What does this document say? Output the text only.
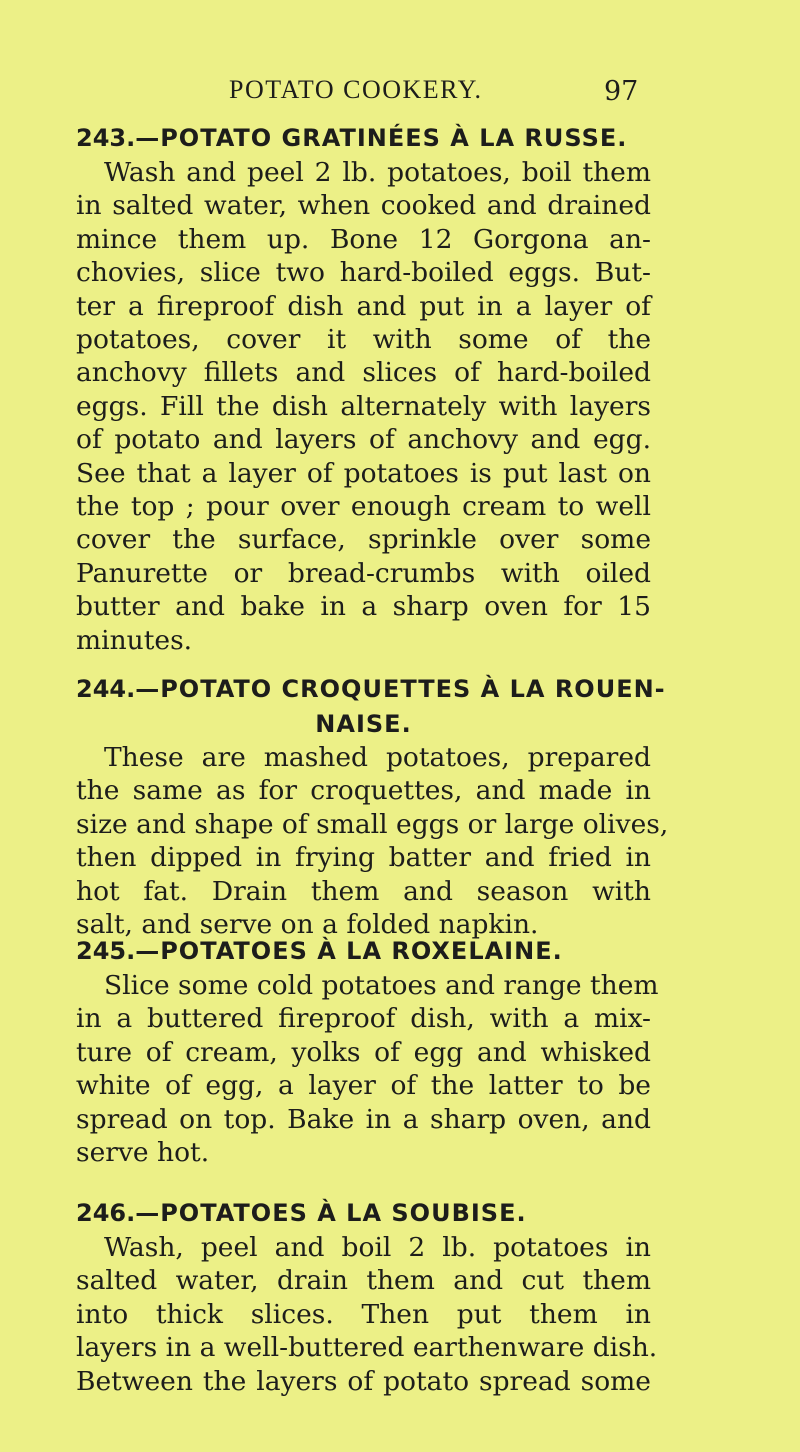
POTATO COOKERY.	97
243.—POTATO GRATINÉES À LA RUSSE.

Wash and peel 2 lb. potatoes, boil them
in salted water, when cooked and drained
mince them up. Bone 12 Gorgona an-
chovies, slice two hard-boiled eggs. But-
ter a fireproof dish and put in a layer of
potatoes, cover it with some of the
anchovy fillets and slices of hard-boiled
eggs. Fill the dish alternately with layers
of potato and layers of anchovy and egg.
See that a layer of potatoes is put last on
the top ; pour over enough cream to well
cover the surface, sprinkle over some
Panurette or bread-crumbs with oiled
butter and bake in a sharp oven for 15
minutes.

244.—POTATO CROQUETTES À LA ROUEN-
NAISE.

These are mashed potatoes, prepared
the same as for croquettes, and made in
size and shape of small eggs or large olives,
then dipped in frying batter and fried in
hot fat. Drain them and season with
salt, and serve on a folded napkin.

245.—POTATOES À LA ROXELAINE.

Slice some cold potatoes and range them
in a buttered fireproof dish, with a mix-
ture of cream, yolks of egg and whisked
white of egg, a layer of the latter to be
spread on top. Bake in a sharp oven, and
serve hot.

246.—POTATOES À LA SOUBISE.

Wash, peel and boil 2 lb. potatoes in
salted water, drain them and cut them
into thick slices. Then put them in
layers in a well-buttered earthenware dish.
Between the layers of potato spread some
